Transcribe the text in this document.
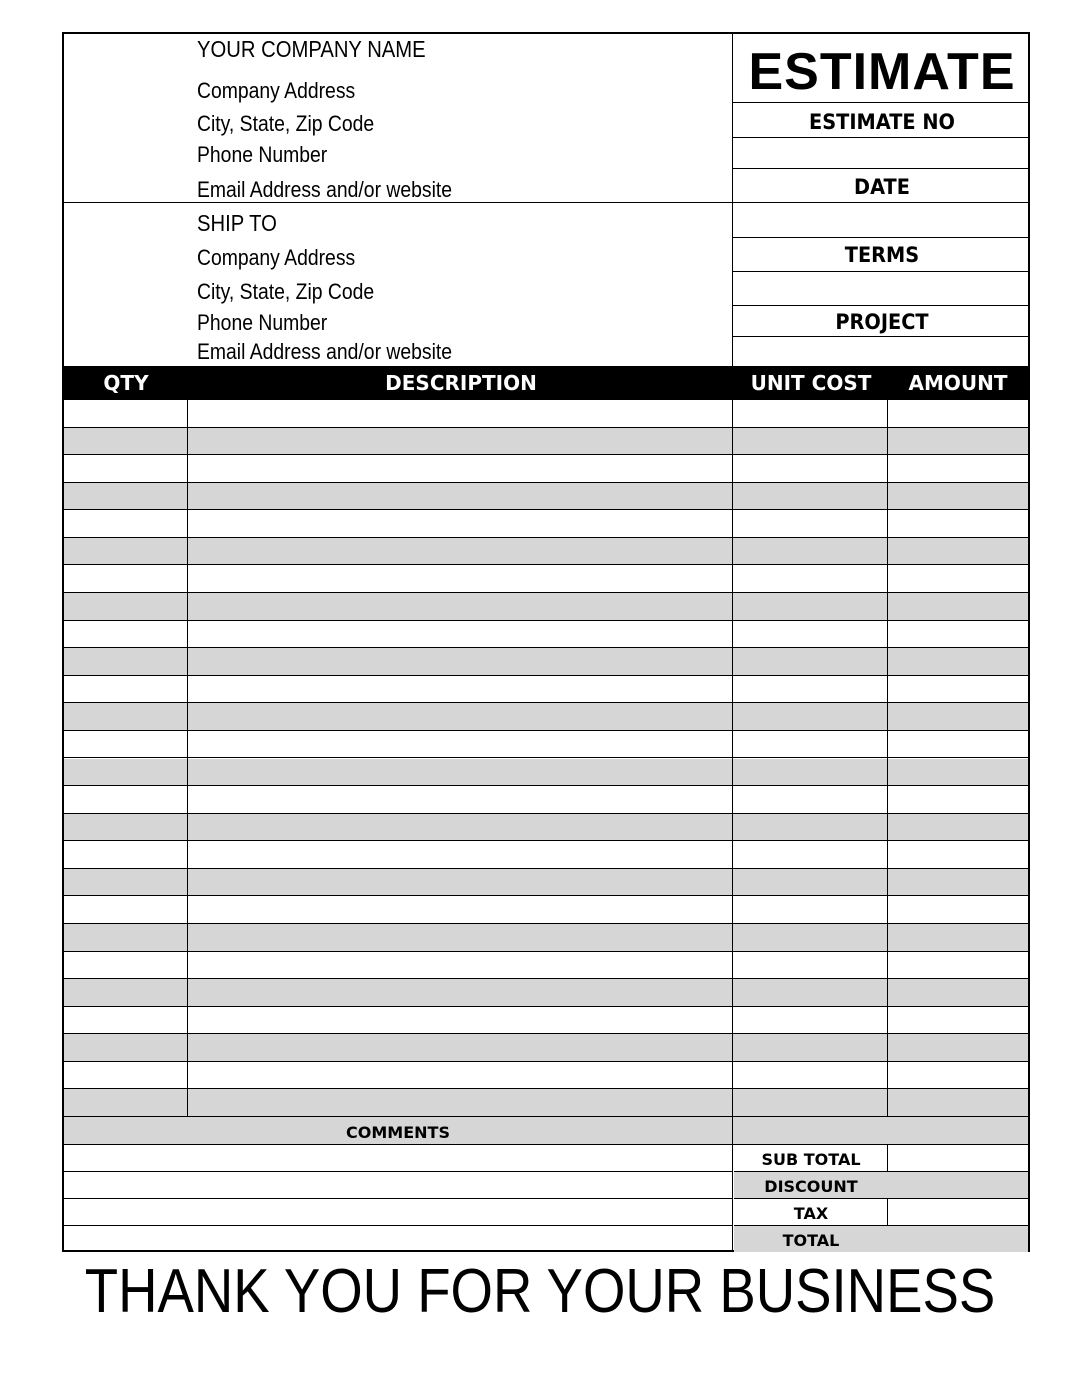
YOUR COMPANY NAME
Company Address
City, State, Zip Code
Phone Number
Email Address and/or website
SHIP TO
Company Address
City, State, Zip Code
Phone Number
Email Address and/or website
ESTIMATE
ESTIMATE NO
DATE
TERMS
PROJECT
QTY	DESCRIPTION	UNIT COST	AMOUNT
COMMENTS
SUB TOTAL
DISCOUNT
TAX
TOTAL
THANK YOU FOR YOUR BUSINESS
